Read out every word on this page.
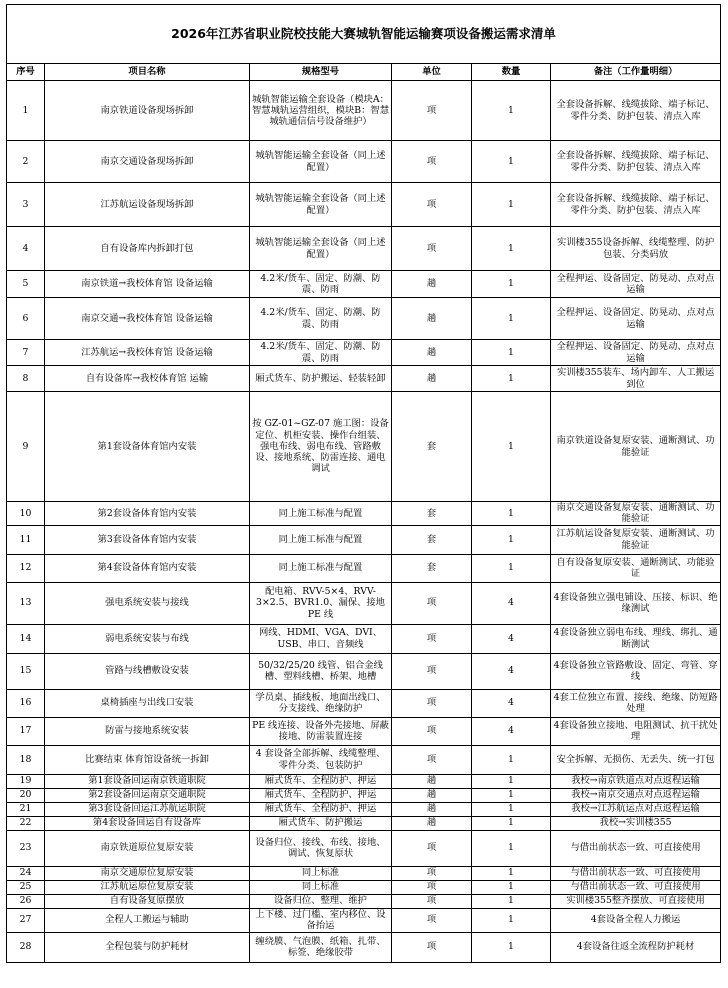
2026年江苏省职业院校技能大赛城轨智能运输赛项设备搬运需求清单					
序号	项目名称	规格型号	单位	数量	备注（工作量明细）
1	南京铁道设备现场拆卸	城轨智能运输全套设备（模块A：智慧城轨运营组织，模块B：智慧城轨通信信号设备维护）	项	1	全套设备拆解、线缆拔除、端子标记、零件分类、防护包装、清点入库
2	南京交通设备现场拆卸	城轨智能运输全套设备（同上述配置）	项	1	全套设备拆解、线缆拔除、端子标记、零件分类、防护包装、清点入库
3	江苏航运设备现场拆卸	城轨智能运输全套设备（同上述配置）	项	1	全套设备拆解、线缆拔除、端子标记、零件分类、防护包装、清点入库
4	自有设备库内拆卸打包	城轨智能运输全套设备（同上述配置）	项	1	实训楼355设备拆解、线缆整理、防护包装、分类码放
5	南京铁道→我校体育馆 设备运输	4.2米/货车、固定、防潮、防震、防雨	趟	1	全程押运、设备固定、防晃动、点对点运输
6	南京交通→我校体育馆 设备运输	4.2米/货车、固定、防潮、防震、防雨	趟	1	全程押运、设备固定、防晃动、点对点运输
7	江苏航运→我校体育馆 设备运输	4.2米/货车、固定、防潮、防震、防雨	趟	1	全程押运、设备固定、防晃动、点对点运输
8	自有设备库→我校体育馆 运输	厢式货车、防护搬运、轻装轻卸	趟	1	实训楼355装车、场内卸车、人工搬运到位
9	第1套设备体育馆内安装	按 GZ-01~GZ-07 施工图：设备定位、机柜安装、操作台组装、强电布线、弱电布线、管路敷设、接地系统、防雷连接、通电调试	套	1	南京铁道设备复原安装、通断测试、功能验证
10	第2套设备体育馆内安装	同上施工标准与配置	套	1	南京交通设备复原安装、通断测试、功能验证
11	第3套设备体育馆内安装	同上施工标准与配置	套	1	江苏航运设备复原安装、通断测试、功能验证
12	第4套设备体育馆内安装	同上施工标准与配置	套	1	自有设备复原安装、通断测试、功能验证
13	强电系统安装与接线	配电箱、RVV-5×4、RVV-3×2.5、BVR1.0、漏保、接地 PE 线	项	4	4套设备独立强电铺设、压接、标识、绝缘测试
14	弱电系统安装与布线	网线、HDMI、VGA、DVI、USB、串口、音频线	项	4	4套设备独立弱电布线、理线、绑扎、通断测试
15	管路与线槽敷设安装	50/32/25/20 线管、铝合金线槽、塑料线槽、桥架、地槽	项	4	4套设备独立管路敷设、固定、弯管、穿线
16	桌椅插座与出线口安装	学员桌、插线板、地面出线口、分支接线、绝缘防护	项	4	4套工位独立布置、接线、绝缘、防短路处理
17	防雷与接地系统安装	PE 线连接、设备外壳接地、屏蔽接地、防雷装置连接	项	4	4套设备独立接地、电阻测试、抗干扰处理
18	比赛结束 体育馆设备统一拆卸	4 套设备全部拆解、线缆整理、零件分类、包装防护	项	1	安全拆解、无损伤、无丢失、统一打包
19	第1套设备回运南京铁道职院	厢式货车、全程防护、押运	趟	1	我校→南京铁道点对点返程运输
20	第2套设备回运南京交通职院	厢式货车、全程防护、押运	趟	1	我校→南京交通点对点返程运输
21	第3套设备回运江苏航运职院	厢式货车、全程防护、押运	趟	1	我校→江苏航运点对点返程运输
22	第4套设备回运自有设备库	厢式货车、防护搬运	趟	1	我校→实训楼355
23	南京铁道原位复原安装	设备归位、接线、布线、接地、调试、恢复原状	项	1	与借出前状态一致、可直接使用
24	南京交通原位复原安装	同上标准	项	1	与借出前状态一致、可直接使用
25	江苏航运原位复原安装	同上标准	项	1	与借出前状态一致、可直接使用
26	自有设备复原摆放	设备归位、整理、维护	项	1	实训楼355整齐摆放、可直接使用
27	全程人工搬运与辅助	上下楼、过门槛、室内移位、设备抬运	项	1	4套设备全程人力搬运
28	全程包装与防护耗材	缠绕膜、气泡膜、纸箱、扎带、标签、绝缘胶带	项	1	4套设备往返全流程防护耗材
